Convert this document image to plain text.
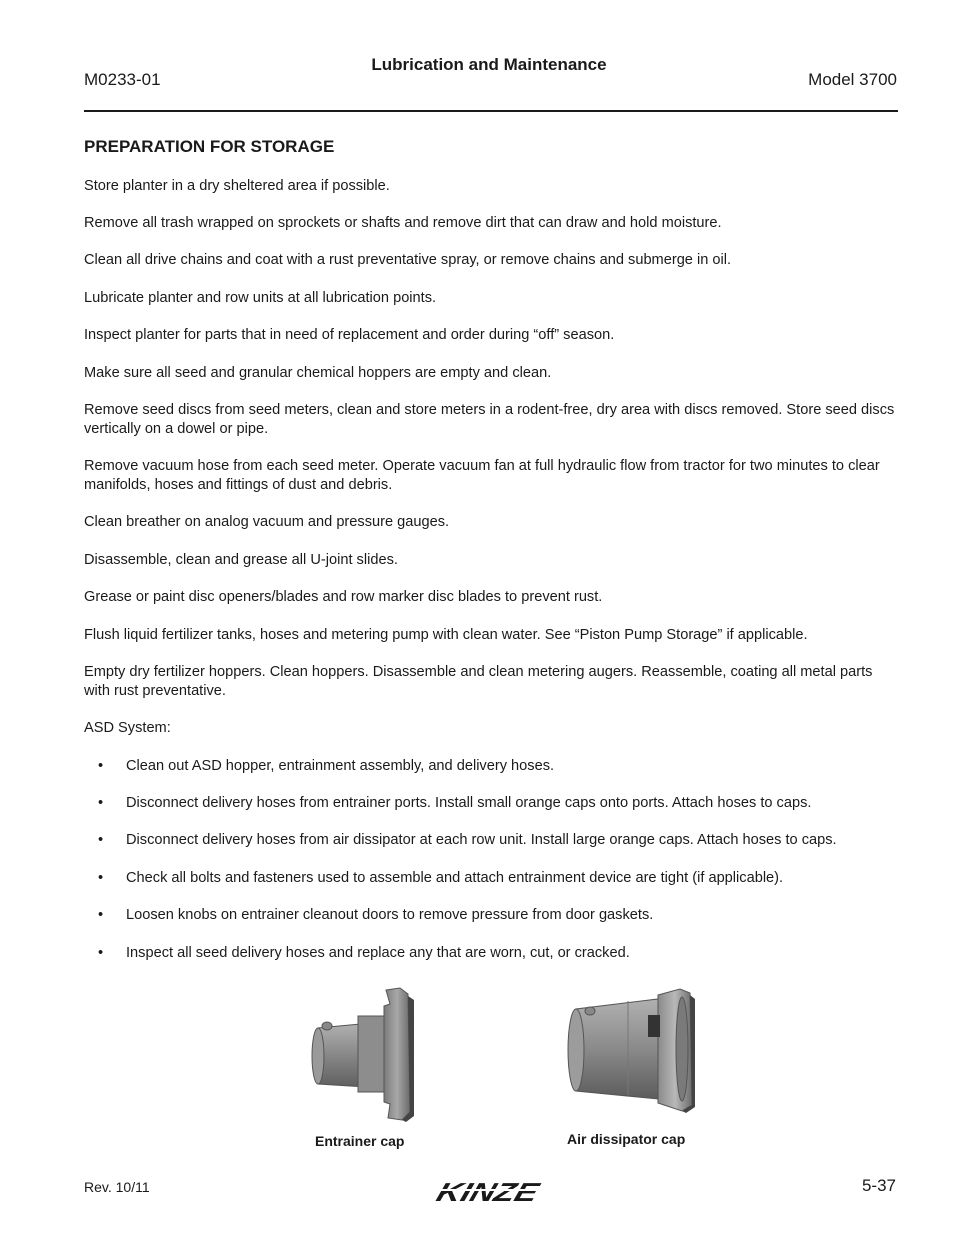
M0233-01
Lubrication and Maintenance
Model 3700
PREPARATION FOR STORAGE

Store planter in a dry sheltered area if possible.

Remove all trash wrapped on sprockets or shafts and remove dirt that can draw and hold moisture.

Clean all drive chains and coat with a rust preventative spray, or remove chains and submerge in oil.

Lubricate planter and row units at all lubrication points.

Inspect planter for parts that in need of replacement and order during “off” season.

Make sure all seed and granular chemical hoppers are empty and clean.

Remove seed discs from seed meters, clean and store meters in a rodent-free, dry area with discs removed. Store seed discs vertically on a dowel or pipe.

Remove vacuum hose from each seed meter. Operate vacuum fan at full hydraulic flow from tractor for two minutes to clear manifolds, hoses and fittings of dust and debris.

Clean breather on analog vacuum and pressure gauges.

Disassemble, clean and grease all U-joint slides.

Grease or paint disc openers/blades and row marker disc blades to prevent rust.

Flush liquid fertilizer tanks, hoses and metering pump with clean water. See “Piston Pump Storage” if applicable.

Empty dry fertilizer hoppers. Clean hoppers. Disassemble and clean metering augers. Reassemble, coating all metal parts with rust preventative.

ASD System:

• Clean out ASD hopper, entrainment assembly, and delivery hoses.
• Disconnect delivery hoses from entrainer ports. Install small orange caps onto ports. Attach hoses to caps.
• Disconnect delivery hoses from air dissipator at each row unit. Install large orange caps. Attach hoses to caps.
• Check all bolts and fasteners used to assemble and attach entrainment device are tight (if applicable).
• Loosen knobs on entrainer cleanout doors to remove pressure from door gaskets.
• Inspect all seed delivery hoses and replace any that are worn, cut, or cracked.
Entrainer cap	Air dissipator cap
Rev. 10/11	KINZE	5-37
